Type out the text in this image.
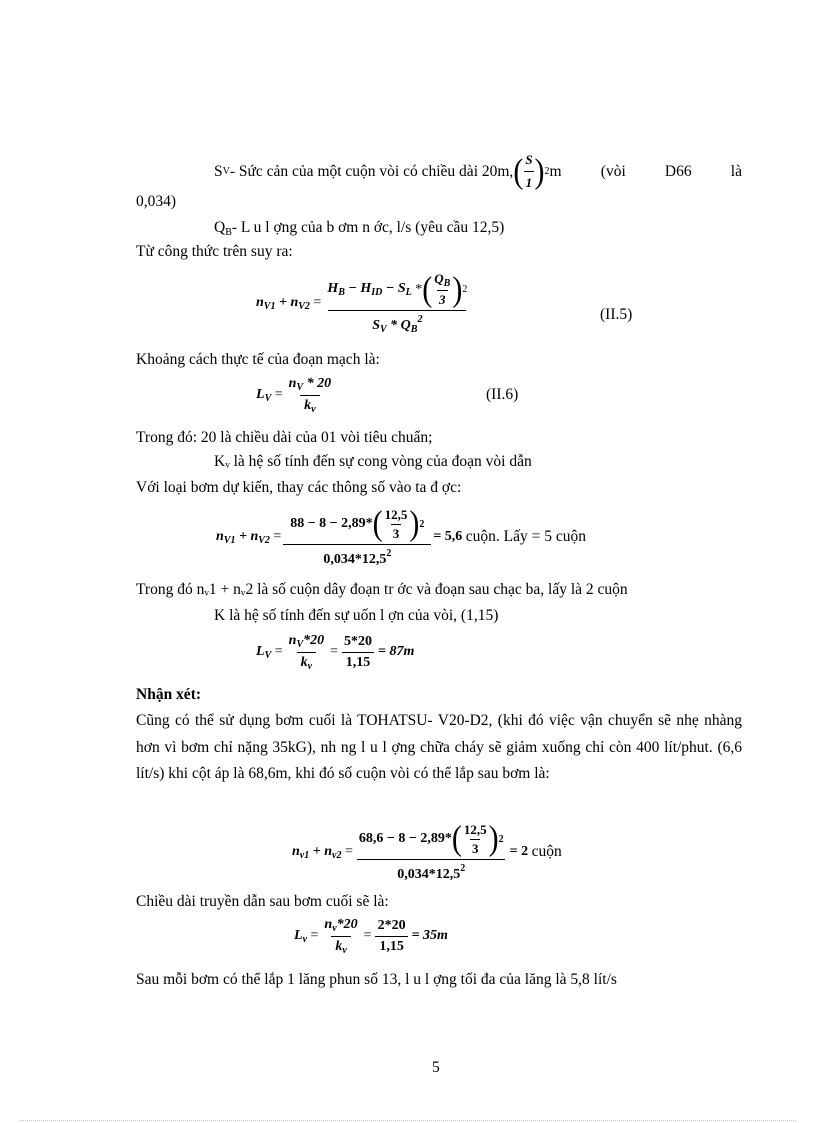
S V - Sức cản của một cuộn vòi có chiều dài 20m, ( $\frac{S}{1}$ ) 2 m (vòi D66 là
0,034)
$Q_B-$ L u l ợng của b ơm n ớc, l/s (yêu cầu 12,5)
Từ công thức trên suy ra:
$n_{V1} + n_{V2} = \frac{H_B - H_{ID} - S_L * ( \frac{Q_B}{3} ) 2}{S_V * Q_B^2}$	(II.5)
Khoảng cách thực tế của đoạn mạch là:
$L_V = \frac{n_V * 20}{k_v}$	(II.6)
Trong đó: 20 là chiều dài của 01 vòi tiêu chuẩn;
Kᵥ là hệ số tính đến sự cong vòng của đoạn vòi dẫn
Với loại bơm dự kiến, thay các thông số vào ta đ ợc:
$n_{V1} + n_{V2} = \frac{88 - 8 - 2,89* ( \frac{12,5}{3} ) 2}{0,034*12,5^2} = 5,6$
cuộn. Lấy = 5 cuộn
Trong đó nᵥ1 + nᵥ2 là số cuộn dây đoạn tr ớc và đoạn sau chạc ba, lấy là 2 cuộn
K là hệ số tính đến sự uốn l ợn của vòi, (1,15)
$L_V = \frac{n_V*20}{k_v} = \frac{5*20}{1,15} = 87m$
Nhận xét:
Cũng có thể sử dụng bơm cuối là TOHATSU- V20-D2, (khi đó việc vận chuyển sẽ nhẹ nhàng hơn vì bơm chỉ nặng 35kG), nh ng l u l ợng chữa cháy sẽ giảm xuống chỉ còn 400 lít/phut. (6,6 lít/s) khi cột áp là 68,6m, khi đó số cuộn vòi có thể lắp sau bơm là:
$n_{v1} + n_{v2} = \frac{68,6 - 8 - 2,89* ( \frac{12,5}{3} ) 2}{0,034*12,5^2} = 2$
cuộn
Chiều dài truyền dẫn sau bơm cuối sẽ là:
$L_v = \frac{n_v*20}{k_v} = \frac{2*20}{1,15} = 35m$
Sau mỗi bơm có thể lắp 1 lăng phun số 13, l u l ợng tối đa của lăng là 5,8 lít/s
5
